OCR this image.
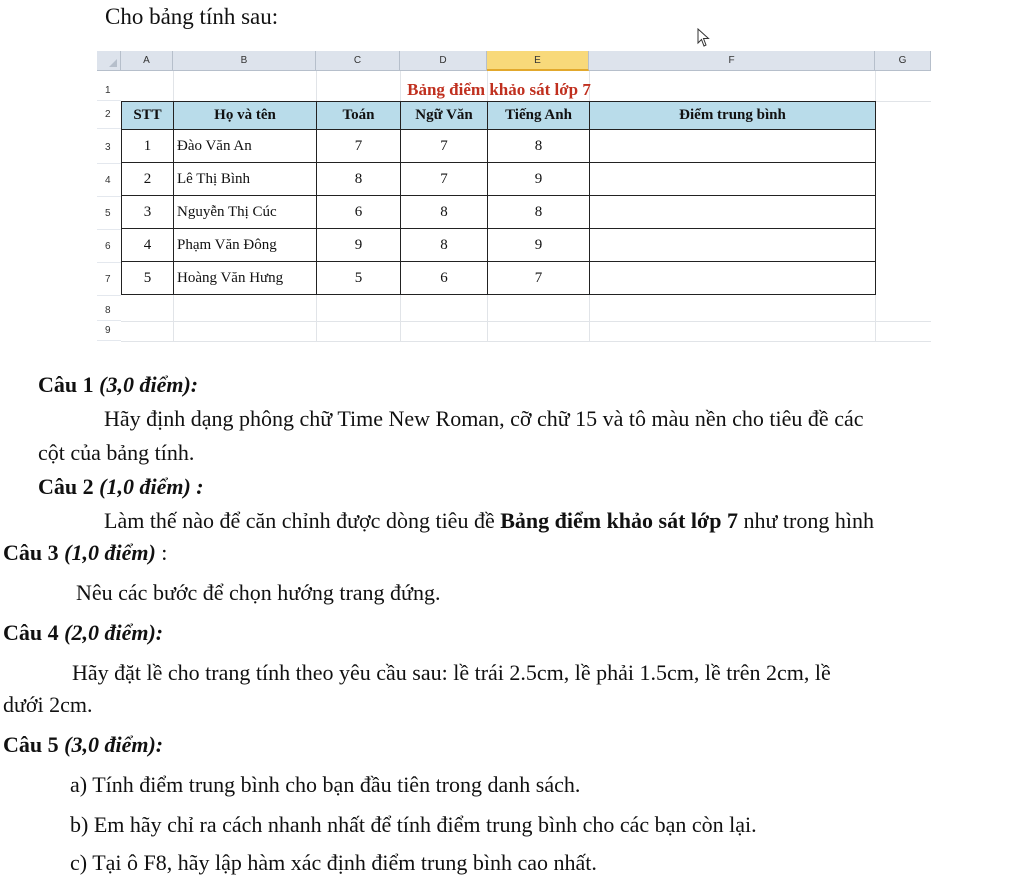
Cho bảng tính sau:
A	B	C	D	E	F	G
1
2
3
4
5
6
7
8
9
Bảng điểm khảo sát lớp 7
STT	Họ và tên	Toán	Ngữ Văn	Tiếng Anh	Điểm trung bình
1	Đào Văn An	7	7	8	
2	Lê Thị Bình	8	7	9	
3	Nguyễn Thị Cúc	6	8	8	
4	Phạm Văn Đông	9	8	9	
5	Hoàng Văn Hưng	5	6	7	
Câu 1 (3,0 điểm):
Hãy định dạng phông chữ Time New Roman, cỡ chữ 15 và tô màu nền cho tiêu đề các
cột của bảng tính.
Câu 2 (1,0 điểm) :
Làm thế nào để căn chỉnh được dòng tiêu đề Bảng điểm khảo sát lớp 7 như trong hình
Câu 3 (1,0 điểm) :
Nêu các bước để chọn hướng trang đứng.
Câu 4 (2,0 điểm):
Hãy đặt lề cho trang tính theo yêu cầu sau: lề trái 2.5cm, lề phải 1.5cm, lề trên 2cm, lề
dưới 2cm.
Câu 5 (3,0 điểm):
a) Tính điểm trung bình cho bạn đầu tiên trong danh sách.
b) Em hãy chỉ ra cách nhanh nhất để tính điểm trung bình cho các bạn còn lại.
c) Tại ô F8, hãy lập hàm xác định điểm trung bình cao nhất.
